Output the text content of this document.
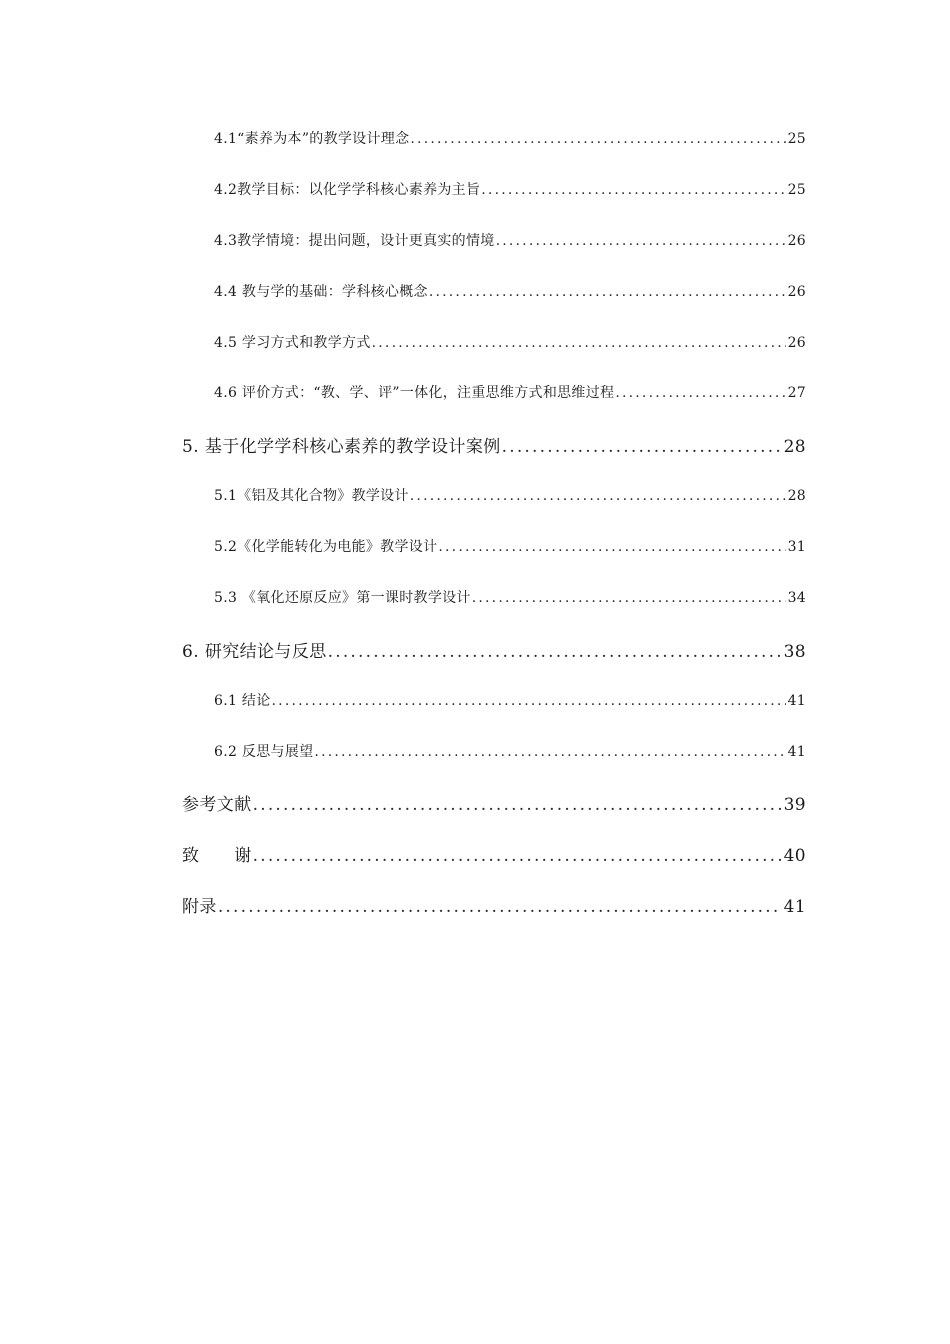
4.1“素养为本”的教学设计理念 .....	25
4.2教学目标：以化学学科核心素养为主旨 .....	25
4.3教学情境：提出问题，设计更真实的情境 .....	26
4.4 教与学的基础：学科核心概念 .....	26
4.5 学习方式和教学方式 .....	26
4.6 评价方式：“教、学、评”一体化，注重思维方式和思维过程 .....	27
5. 基于化学学科核心素养的教学设计案例 .....	28
5.1《铝及其化合物》教学设计 .....	28
5.2《化学能转化为电能》教学设计 .....	31
5.3 《氧化还原反应》第一课时教学设计 .....	34
6. 研究结论与反思 .....	38
6.1 结论 .....	41
6.2 反思与展望 .....	41
参考文献 .....	39
致　　谢 .....	40
附录 .....	41
